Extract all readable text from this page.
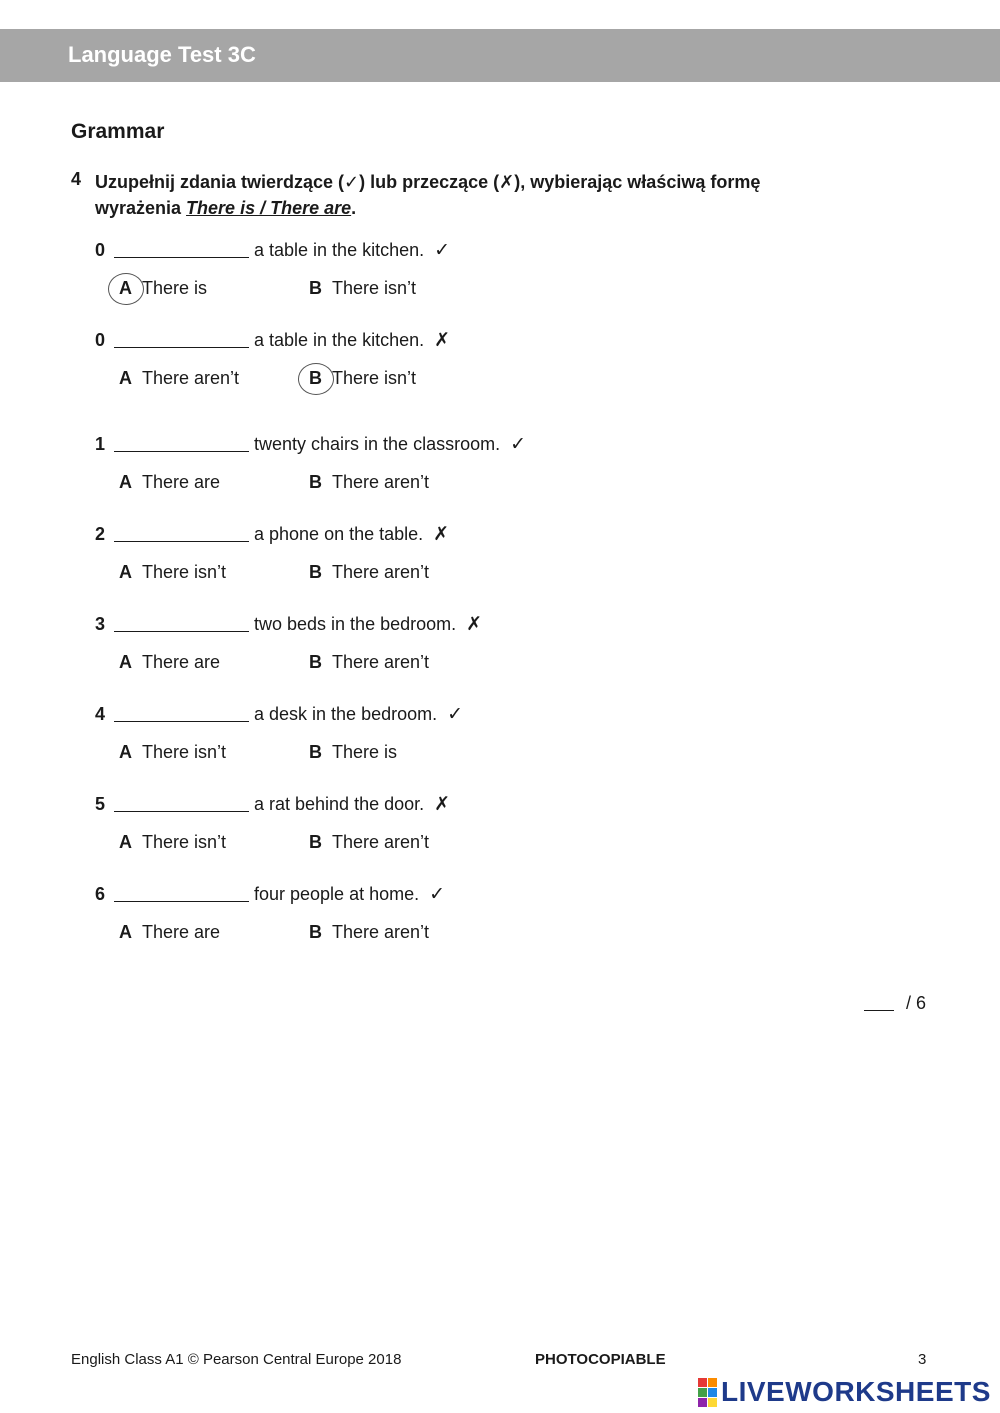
Language Test 3C
Grammar
4 Uzupełnij zdania twierdzące (✓) lub przeczące (✗), wybierając właściwą formę
wyrażenia There is / There are.
0	a table in the kitchen. ✓
A There is	B There isn’t
0	a table in the kitchen. ✗
A There aren’t	B There isn’t
1	twenty chairs in the classroom. ✓
A There are	B There aren’t
2	a phone on the table. ✗
A There isn’t	B There aren’t
3	two beds in the bedroom. ✗
A There are	B There aren’t
4	a desk in the bedroom. ✓
A There isn’t	B There is
5	a rat behind the door. ✗
A There isn’t	B There aren’t
6	four people at home. ✓
A There are	B There aren’t
/ 6
English Class A1 © Pearson Central Europe 2018	PHOTOCOPIABLE	3
LIVEWORKSHEETS
